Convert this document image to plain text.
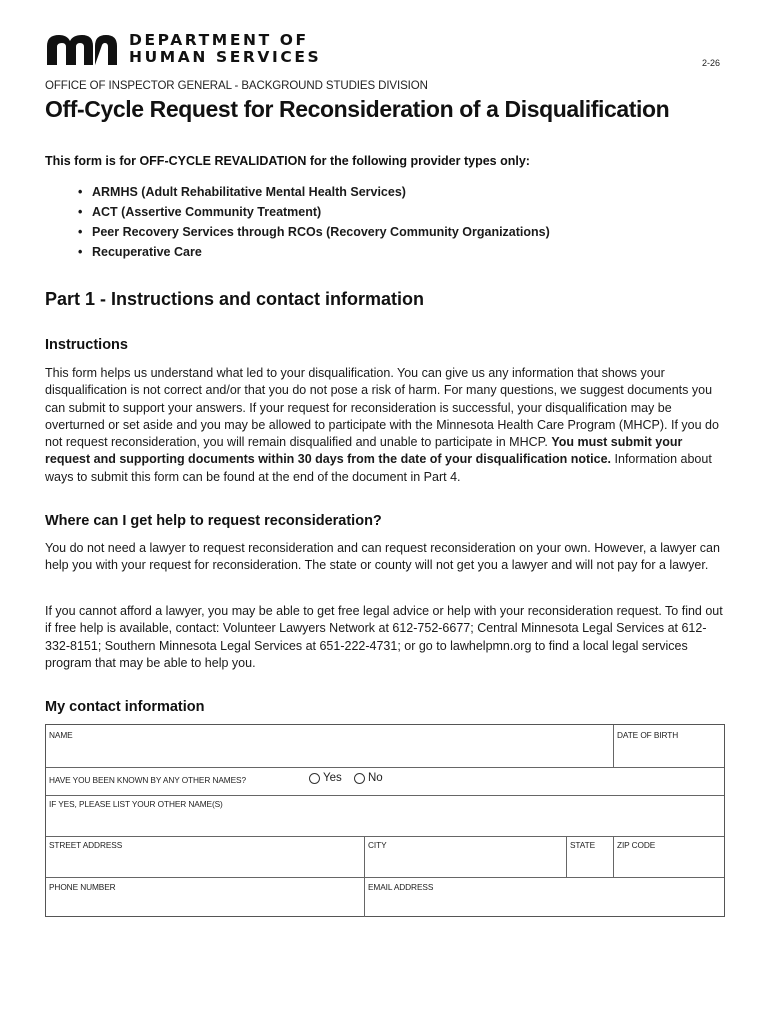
DEPARTMENT OF
HUMAN SERVICES	2-26
OFFICE OF INSPECTOR GENERAL - BACKGROUND STUDIES DIVISION
Off-Cycle Request for Reconsideration of a Disqualification
This form is for OFF-CYCLE REVALIDATION for the following provider types only:
• ARMHS (Adult Rehabilitative Mental Health Services)
• ACT (Assertive Community Treatment)
• Peer Recovery Services through RCOs (Recovery Community Organizations)
• Recuperative Care
Part 1 - Instructions and contact information
Instructions

This form helps us understand what led to your disqualification. You can give us any information that shows your disqualification is not correct and/or that you do not pose a risk of harm. For many questions, we suggest documents you can submit to support your answers. If your request for reconsideration is successful, your disqualification may be overturned or set aside and you may be allowed to participate with the Minnesota Health Care Program (MHCP). If you do not request reconsideration, you will remain disqualified and unable to participate in MHCP. You must submit your request and supporting documents within 30 days from the date of your disqualification notice. Information about ways to submit this form can be found at the end of the document in Part 4.

Where can I get help to request reconsideration?

You do not need a lawyer to request reconsideration and can request reconsideration on your own. However, a lawyer can help you with your request for reconsideration. The state or county will not get you a lawyer and will not pay for a lawyer.

If you cannot afford a lawyer, you may be able to get free legal advice or help with your reconsideration request. To find out if free help is available, contact: Volunteer Lawyers Network at 612-752-6677; Central Minnesota Legal Services at 612-332-8151; Southern Minnesota Legal Services at 651-222-4731; or go to lawhelpmn.org to find a local legal services program that may be able to help you.

My contact information
NAME	DATE OF BIRTH
HAVE YOU BEEN KNOWN BY ANY OTHER NAMES?	Yes No
IF YES, PLEASE LIST YOUR OTHER NAME(S)
STREET ADDRESS	CITY	STATE	ZIP CODE
PHONE NUMBER	EMAIL ADDRESS
